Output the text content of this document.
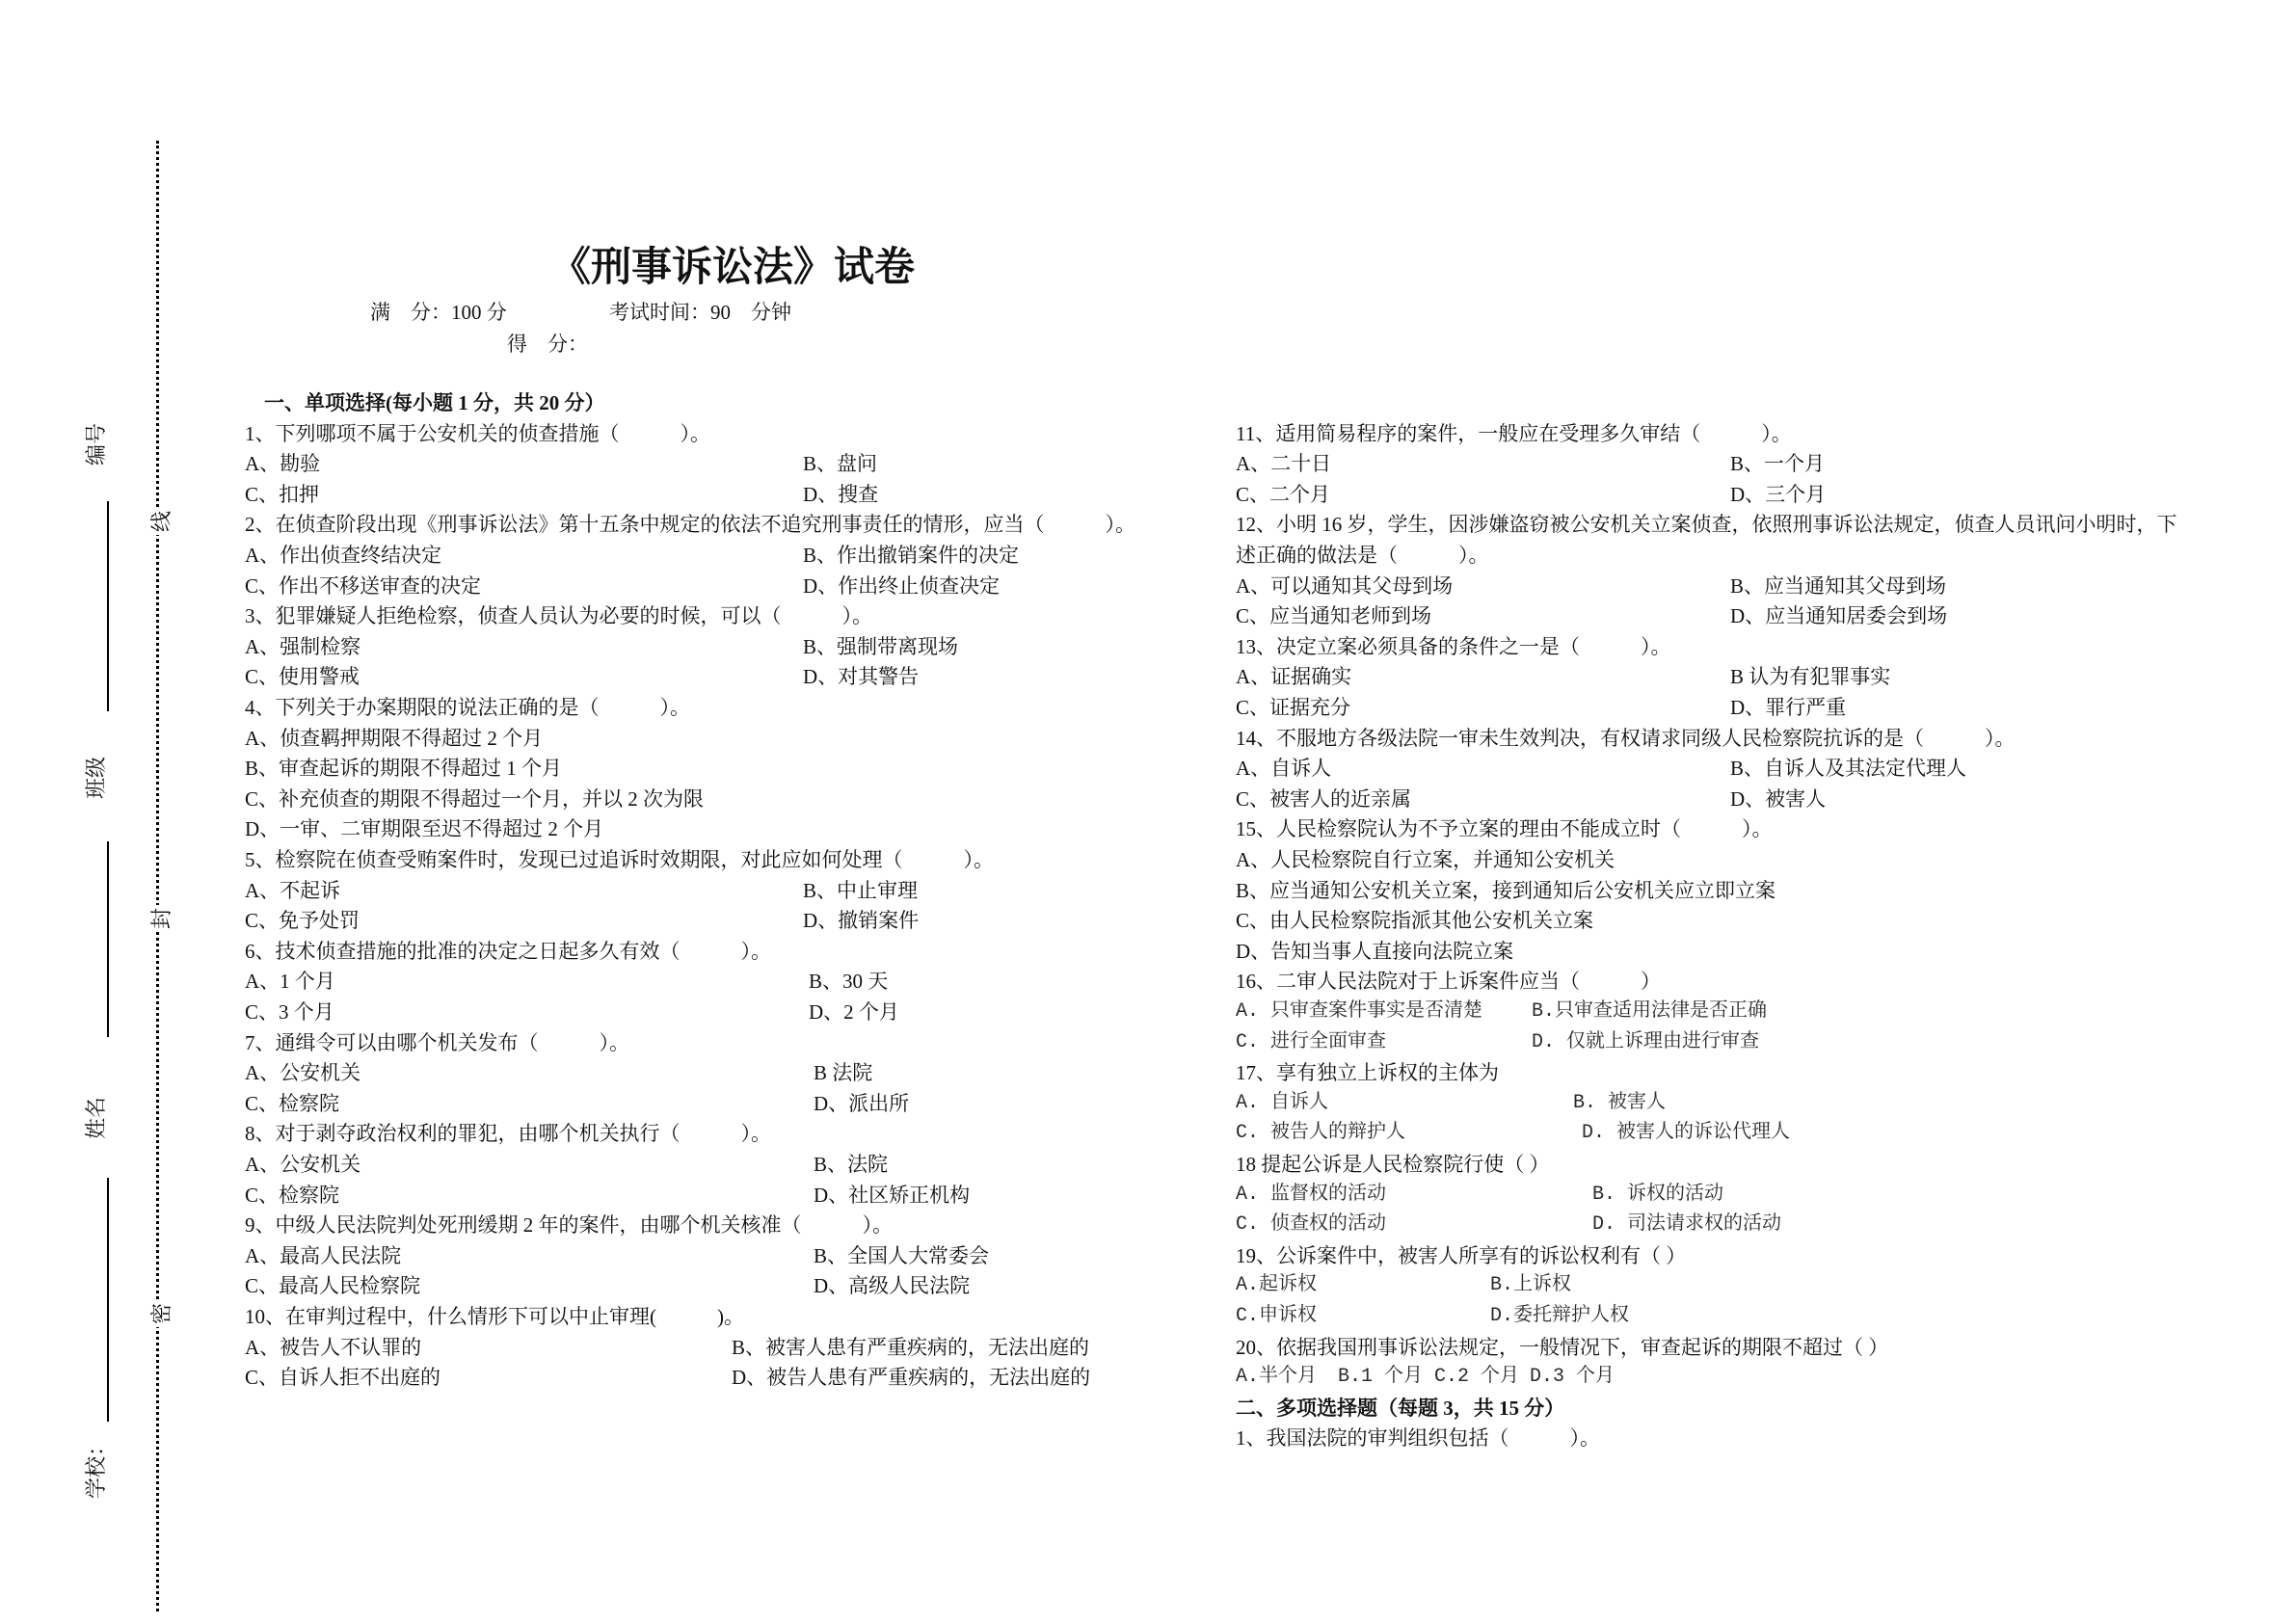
编号
班级
姓名
学校：
线
封
密
《刑事诉讼法》试卷
满　分：100 分	考试时间：90　分钟
得　分：
一、单项选择(每小题 1 分，共 20 分）
1、下列哪项不属于公安机关的侦查措施（　　　）。
A、勘验	B、盘问
C、扣押	D、搜查
2、在侦查阶段出现《刑事诉讼法》第十五条中规定的依法不追究刑事责任的情形，应当（　　　）。
A、作出侦查终结决定	B、作出撤销案件的决定
C、作出不移送审查的决定	D、作出终止侦查决定
3、犯罪嫌疑人拒绝检察，侦查人员认为必要的时候，可以（　　　）。
A、强制检察	B、强制带离现场
C、使用警戒	D、对其警告
4、下列关于办案期限的说法正确的是（　　　）。
A、侦查羁押期限不得超过 2 个月
B、审查起诉的期限不得超过 1 个月
C、补充侦查的期限不得超过一个月，并以 2 次为限
D、一审、二审期限至迟不得超过 2 个月
5、检察院在侦查受贿案件时，发现已过追诉时效期限，对此应如何处理（　　　）。
A、不起诉	B、中止审理
C、免予处罚	D、撤销案件
6、技术侦查措施的批准的决定之日起多久有效（　　　）。
A、1 个月	B、30 天
C、3 个月	D、2 个月
7、通缉令可以由哪个机关发布（　　　）。
A、公安机关	B 法院
C、检察院	D、派出所
8、对于剥夺政治权利的罪犯，由哪个机关执行（　　　）。
A、公安机关	B、法院
C、检察院	D、社区矫正机构
9、中级人民法院判处死刑缓期 2 年的案件，由哪个机关核准（　　　）。
A、最高人民法院	B、全国人大常委会
C、最高人民检察院	D、高级人民法院
10、在审判过程中，什么情形下可以中止审理(　　　)。
A、被告人不认罪的	B、被害人患有严重疾病的，无法出庭的
C、自诉人拒不出庭的	D、被告人患有严重疾病的，无法出庭的
11、适用简易程序的案件，一般应在受理多久审结（　　　）。
A、二十日	B、一个月
C、二个月	D、三个月
12、小明 16 岁，学生，因涉嫌盗窃被公安机关立案侦查，依照刑事诉讼法规定，侦查人员讯问小明时，下
述正确的做法是（　　　）。
A、可以通知其父母到场	B、应当通知其父母到场
C、应当通知老师到场	D、应当通知居委会到场
13、决定立案必须具备的条件之一是（　　　）。
A、证据确实	B 认为有犯罪事实
C、证据充分	D、罪行严重
14、不服地方各级法院一审未生效判决，有权请求同级人民检察院抗诉的是（　　　）。
A、自诉人	B、自诉人及其法定代理人
C、被害人的近亲属	D、被害人
15、人民检察院认为不予立案的理由不能成立时（　　　）。
A、人民检察院自行立案，并通知公安机关
B、应当通知公安机关立案，接到通知后公安机关应立即立案
C、由人民检察院指派其他公安机关立案
D、告知当事人直接向法院立案
16、二审人民法院对于上诉案件应当（　　　）
A. 只审查案件事实是否清楚	B.只审查适用法律是否正确
C. 进行全面审查	D. 仅就上诉理由进行审查
17、享有独立上诉权的主体为
A. 自诉人	B. 被害人
C. 被告人的辩护人	D. 被害人的诉讼代理人
18 提起公诉是人民检察院行使（ ）
A. 监督权的活动	B. 诉权的活动
C. 侦查权的活动	D. 司法请求权的活动
19、公诉案件中，被害人所享有的诉讼权利有（ ）
A.起诉权	B.上诉权
C.申诉权	D.委托辩护人权
20、依据我国刑事诉讼法规定，一般情况下，审查起诉的期限不超过（ ）
A.半个月 B.1 个月 C.2 个月 D.3 个月
二、多项选择题（每题 3，共 15 分）
1、我国法院的审判组织包括（　　　）。
